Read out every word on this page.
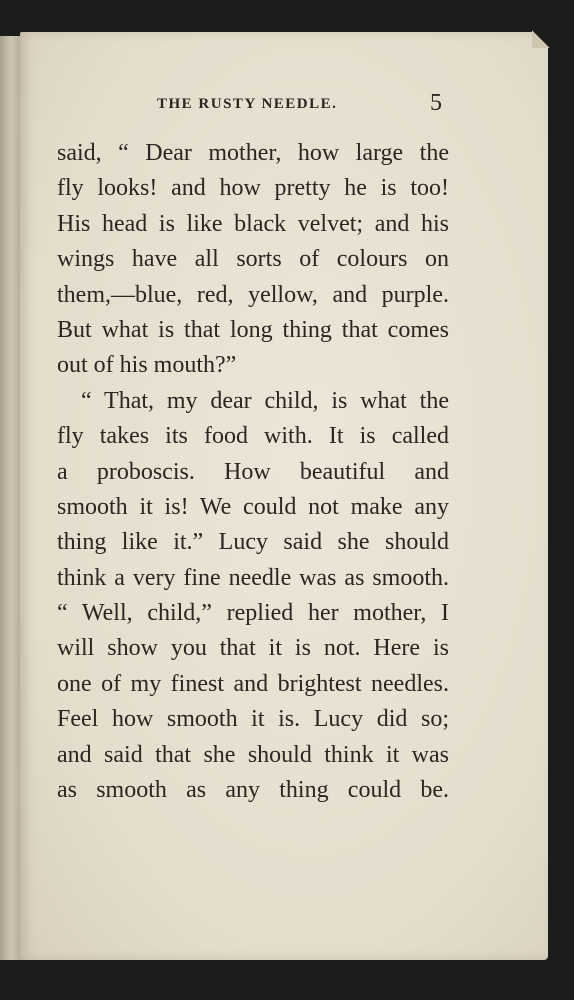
THE RUSTY NEEDLE.	5
said, “ Dear mother, how large the
fly looks! and how pretty he is too!
His head is like black velvet; and his
wings have all sorts of colours on
them,—blue, red, yellow, and purple.
But what is that long thing that comes
out of his mouth?”
“ That, my dear child, is what the
fly takes its food with. It is called
a proboscis. How beautiful and
smooth it is! We could not make any
thing like it.” Lucy said she should
think a very fine needle was as smooth.
“ Well, child,” replied her mother, I
will show you that it is not. Here is
one of my finest and brightest needles.
Feel how smooth it is. Lucy did so;
and said that she should think it was
as smooth as any thing could be.
